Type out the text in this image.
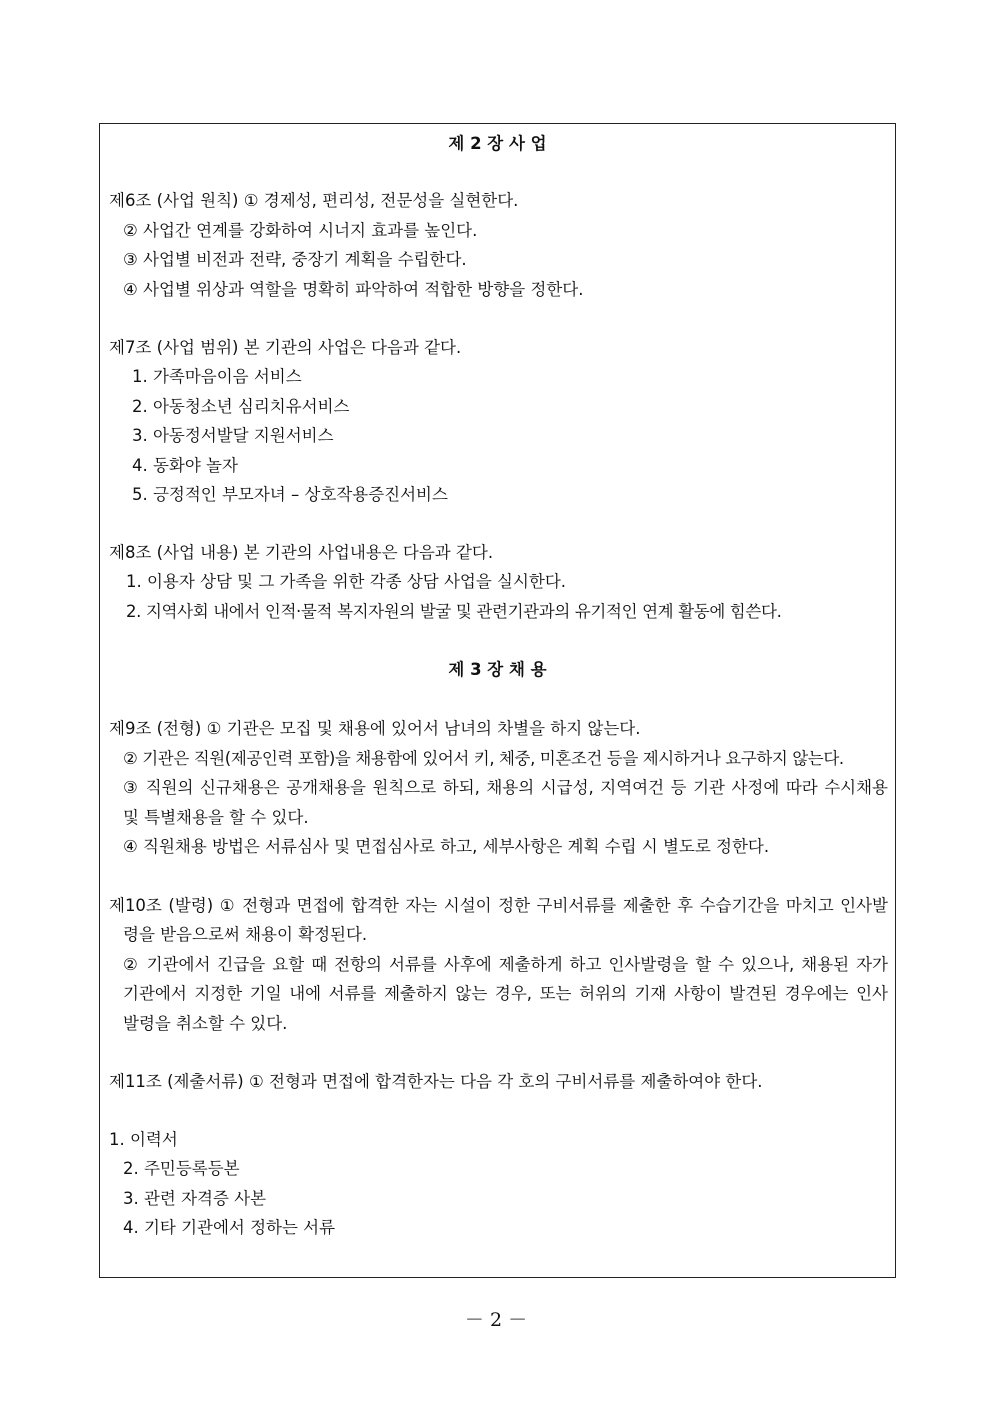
제 2 장 사 업
제6조 (사업 원칙) ① 경제성, 편리성, 전문성을 실현한다.
② 사업간 연계를 강화하여 시너지 효과를 높인다.
③ 사업별 비전과 전략, 중장기 계획을 수립한다.
④ 사업별 위상과 역할을 명확히 파악하여 적합한 방향을 정한다.
제7조 (사업 범위) 본 기관의 사업은 다음과 같다.
1. 가족마음이음 서비스
2. 아동청소년 심리치유서비스
3. 아동정서발달 지원서비스
4. 동화야 놀자
5. 긍정적인 부모자녀 – 상호작용증진서비스
제8조 (사업 내용) 본 기관의 사업내용은 다음과 같다.
1. 이용자 상담 및 그 가족을 위한 각종 상담 사업을 실시한다.
2. 지역사회 내에서 인적·물적 복지자원의 발굴 및 관련기관과의 유기적인 연계 활동에 힘쓴다.
제 3 장 채 용
제9조 (전형) ① 기관은 모집 및 채용에 있어서 남녀의 차별을 하지 않는다.
② 기관은 직원(제공인력 포함)을 채용함에 있어서 키, 체중, 미혼조건 등을 제시하거나 요구하지 않는다.
③ 직원의 신규채용은 공개채용을 원칙으로 하되, 채용의 시급성, 지역여건 등 기관 사정에 따라 수시채용
및 특별채용을 할 수 있다.
④ 직원채용 방법은 서류심사 및 면접심사로 하고, 세부사항은 계획 수립 시 별도로 정한다.
제10조 (발령) ① 전형과 면접에 합격한 자는 시설이 정한 구비서류를 제출한 후 수습기간을 마치고 인사발
령을 받음으로써 채용이 확정된다.
② 기관에서 긴급을 요할 때 전항의 서류를 사후에 제출하게 하고 인사발령을 할 수 있으나, 채용된 자가
기관에서 지정한 기일 내에 서류를 제출하지 않는 경우, 또는 허위의 기재 사항이 발견된 경우에는 인사
발령을 취소할 수 있다.
제11조 (제출서류) ① 전형과 면접에 합격한자는 다음 각 호의 구비서류를 제출하여야 한다.
1. 이력서
2. 주민등록등본
3. 관련 자격증 사본
4. 기타 기관에서 정하는 서류
－ 2 －
